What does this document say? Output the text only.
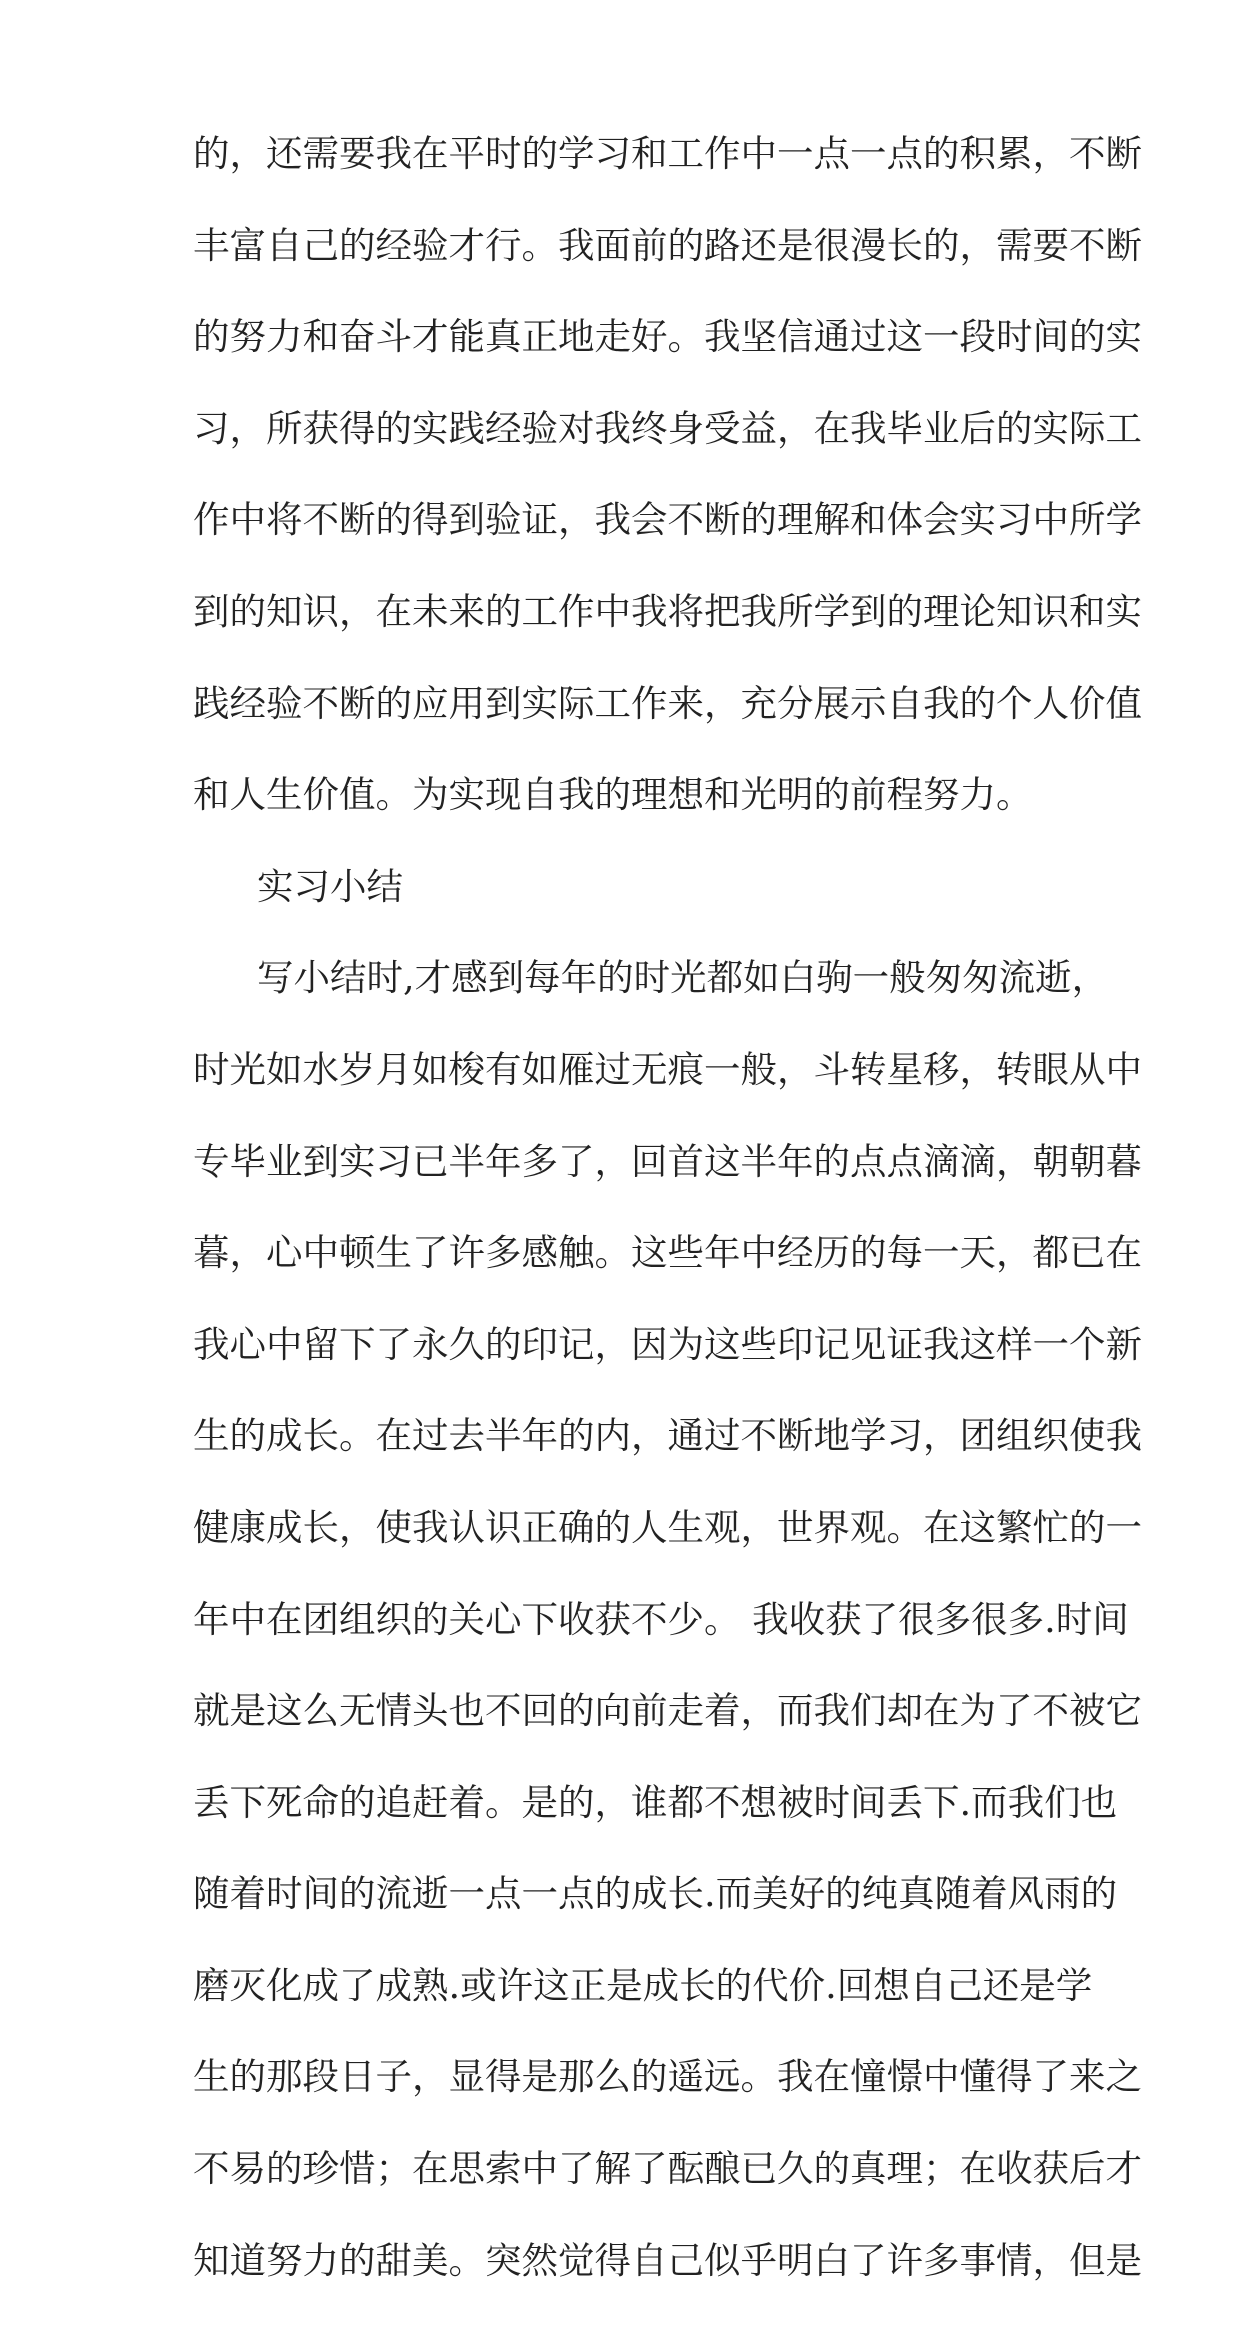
的，还需要我在平时的学习和工作中一点一点的积累，不断
丰富自己的经验才行。我面前的路还是很漫长的，需要不断
的努力和奋斗才能真正地走好。我坚信通过这一段时间的实
习，所获得的实践经验对我终身受益，在我毕业后的实际工
作中将不断的得到验证，我会不断的理解和体会实习中所学
到的知识，在未来的工作中我将把我所学到的理论知识和实
践经验不断的应用到实际工作来，充分展示自我的个人价值
和人生价值。为实现自我的理想和光明的前程努力。
实习小结
写小结时,才感到每年的时光都如白驹一般匆匆流逝，
时光如水岁月如梭有如雁过无痕一般，斗转星移，转眼从中
专毕业到实习已半年多了，回首这半年的点点滴滴，朝朝暮
暮，心中顿生了许多感触。这些年中经历的每一天，都已在
我心中留下了永久的印记，因为这些印记见证我这样一个新
生的成长。在过去半年的内，通过不断地学习，团组织使我
健康成长，使我认识正确的人生观，世界观。在这繁忙的一
年中在团组织的关心下收获不少。 我收获了很多很多.时间
就是这么无情头也不回的向前走着，而我们却在为了不被它
丢下死命的追赶着。是的，谁都不想被时间丢下.而我们也
随着时间的流逝一点一点的成长.而美好的纯真随着风雨的
磨灭化成了成熟.或许这正是成长的代价.回想自己还是学
生的那段日子，显得是那么的遥远。我在憧憬中懂得了来之
不易的珍惜；在思索中了解了酝酿已久的真理；在收获后才
知道努力的甜美。突然觉得自己似乎明白了许多事情，但是
